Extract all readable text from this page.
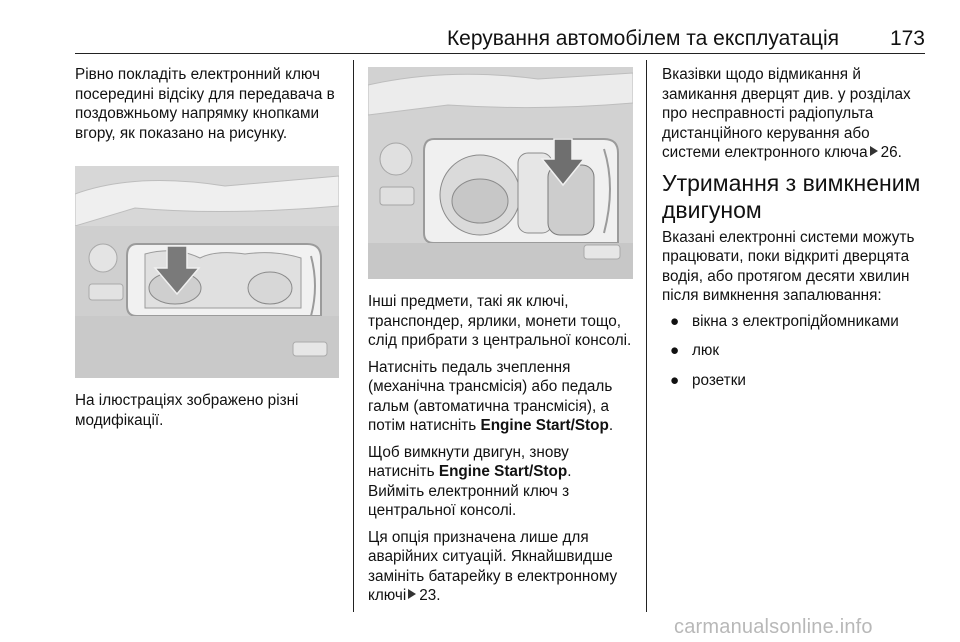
Керування автомобілем та експлуатація 173

Рівно покладіть електронний ключ посередині відсіку для передавача в поздовжньому напрямку кнопками вгору, як показано на рисунку.

На ілюстраціях зображено різні модифікації.

Інші предмети, такі як ключі, транспондер, ярлики, монети тощо, слід прибрати з центральної консолі.

Натисніть педаль зчеплення (механічна трансмісія) або педаль гальм (автоматична трансмісія), а потім натисніть Engine Start/Stop.

Щоб вимкнути двигун, знову натисніть Engine Start/Stop.

Вийміть електронний ключ з центральної консолі.

Ця опція призначена лише для аварійних ситуацій. Якнайшвидше замініть батарейку в електронному ключі 23.

Вказівки щодо відмикання й замикання дверцят див. у розділах про несправності радіопульта дистанційного керування або системи електронного ключа 26.

Утримання з вимкненим двигуном

Вказані електронні системи можуть працювати, поки відкриті дверцята водія, або протягом десяти хвилин після вимкнення запалювання:

● вікна з електропідйомниками
● люк
● розетки
carmanualsonline.info
